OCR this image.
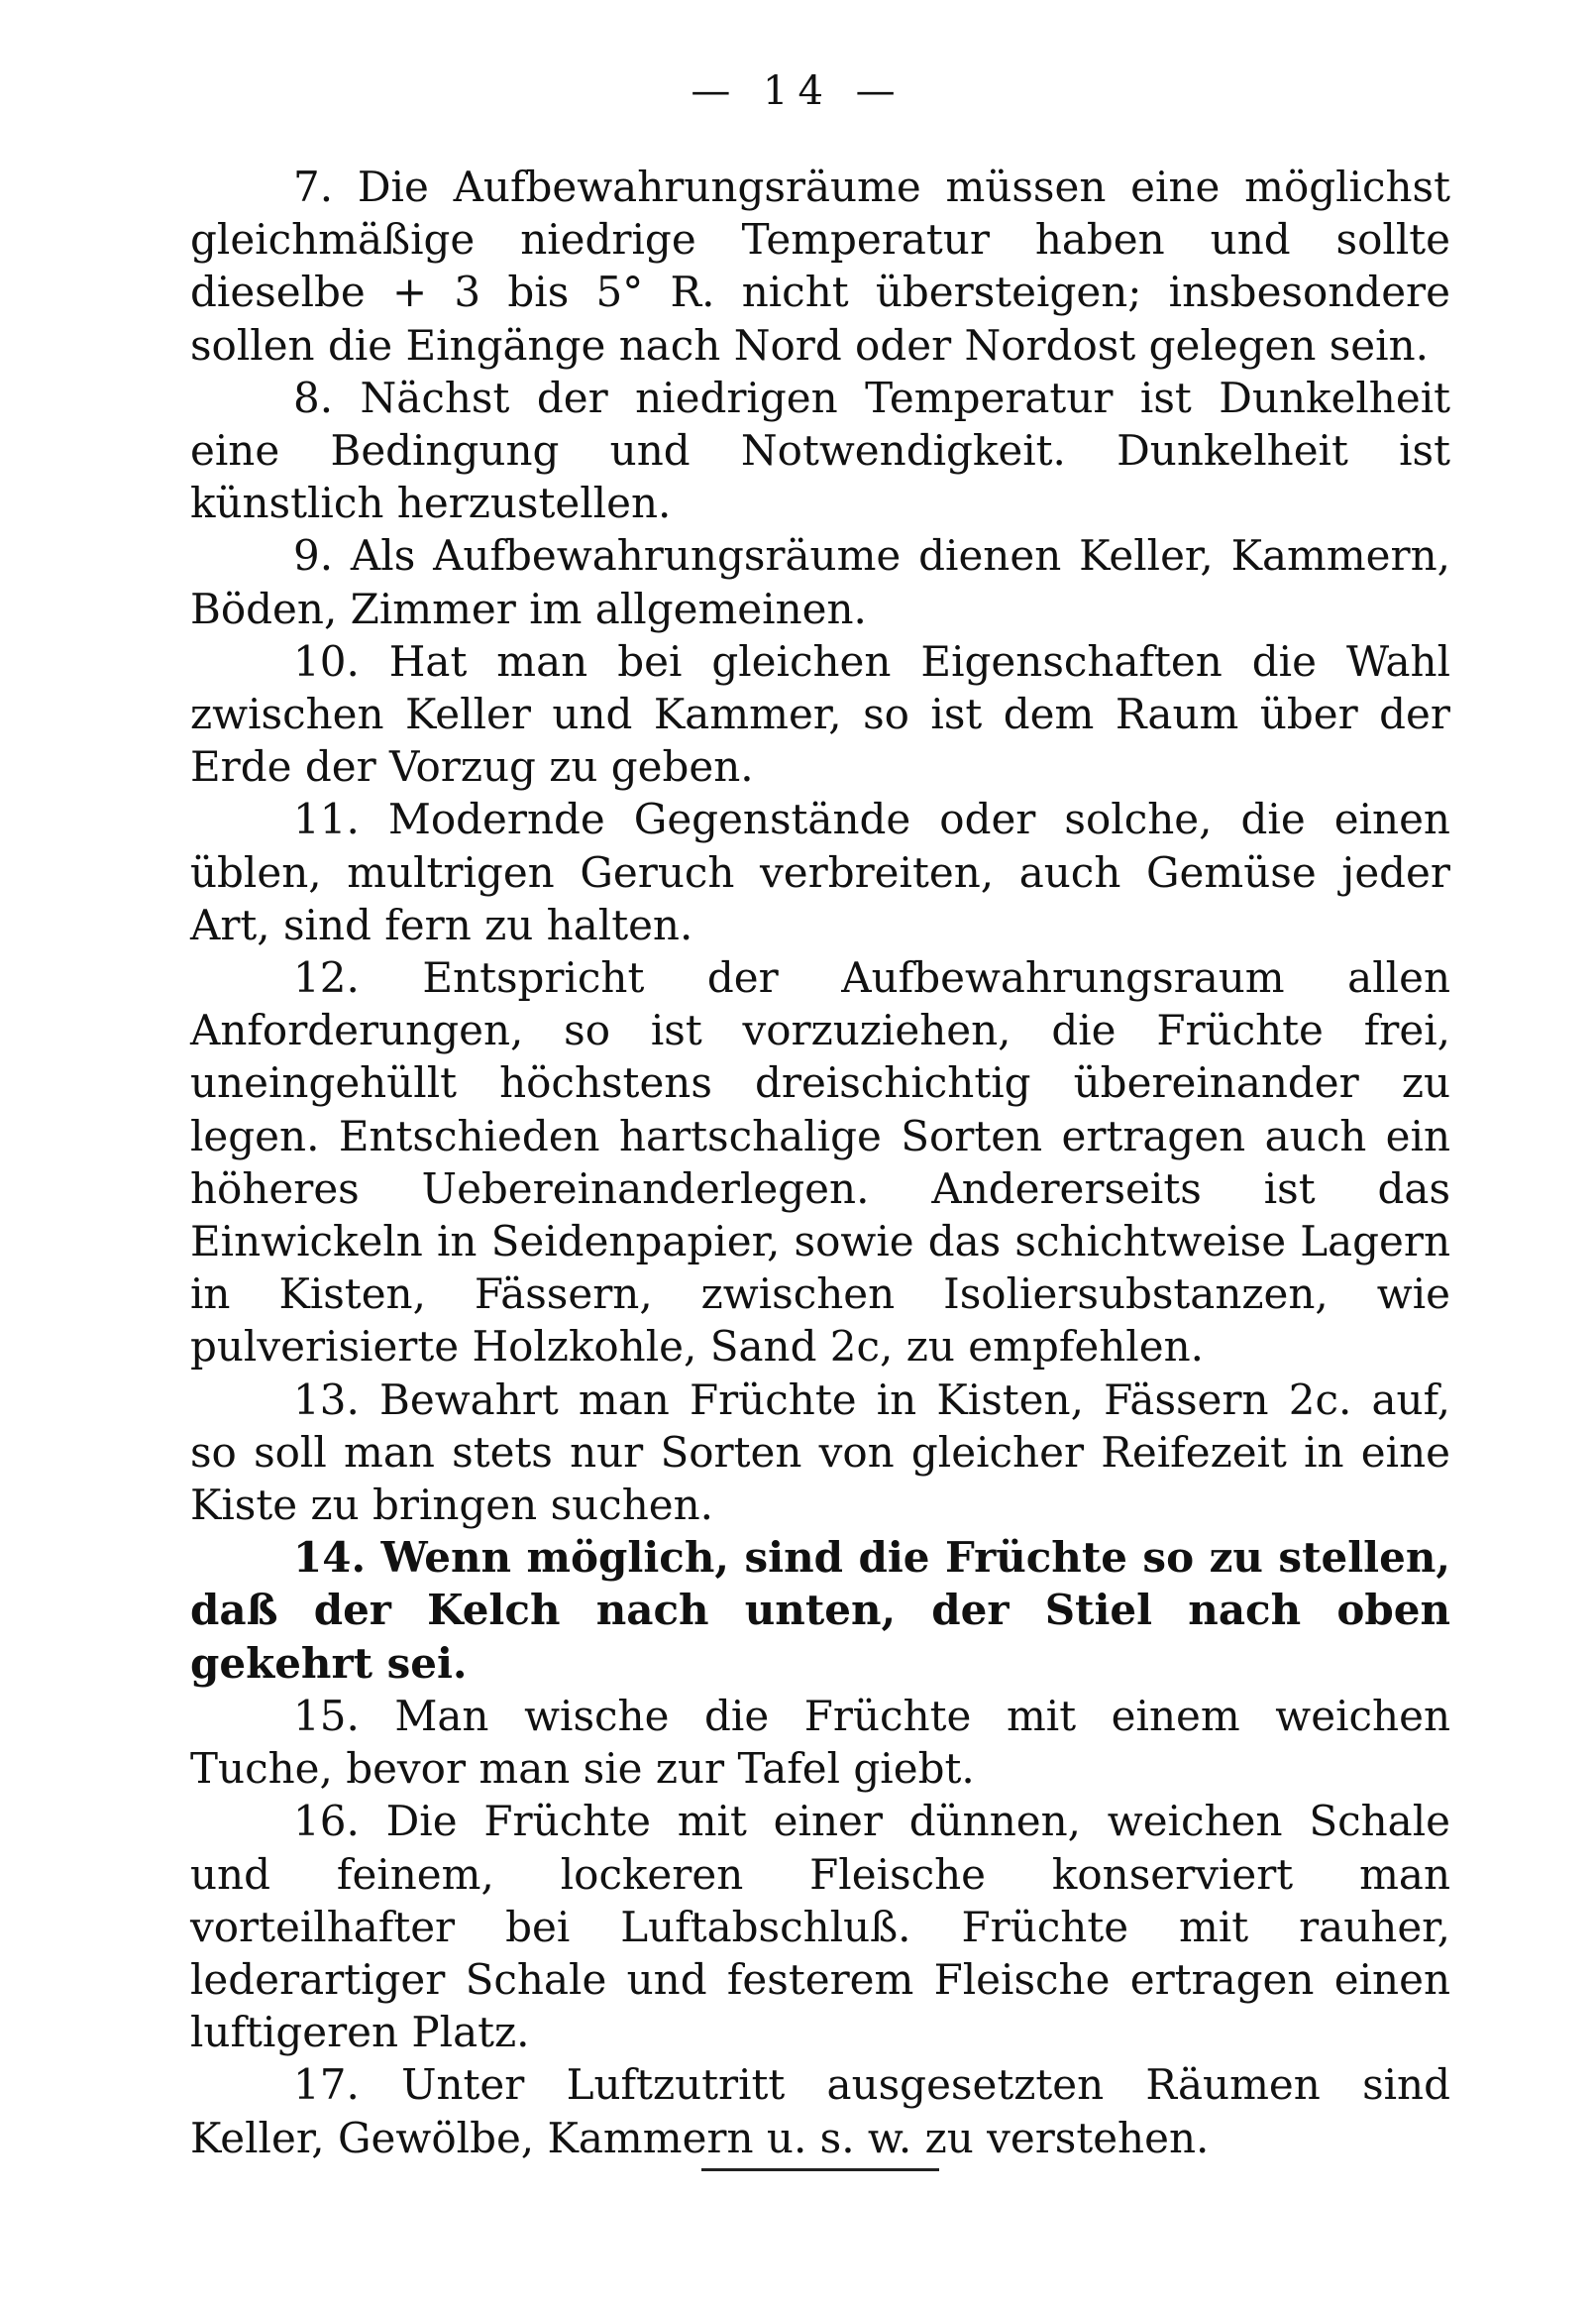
— 14 —

7. Die Aufbewahrungsräume müssen eine möglichst gleichmäßige niedrige Temperatur haben und sollte dieselbe + 3 bis 5° R. nicht übersteigen; insbesondere sollen die Eingänge nach Nord oder Nordost gelegen sein.

8. Nächst der niedrigen Temperatur ist Dunkelheit eine Bedingung und Notwendigkeit. Dunkelheit ist künstlich herzustellen.

9. Als Aufbewahrungsräume dienen Keller, Kammern, Böden, Zimmer im allgemeinen.

10. Hat man bei gleichen Eigenschaften die Wahl zwischen Keller und Kammer, so ist dem Raum über der Erde der Vorzug zu geben.

11. Modernde Gegenstände oder solche, die einen üblen, multrigen Geruch verbreiten, auch Gemüse jeder Art, sind fern zu halten.

12. Entspricht der Aufbewahrungsraum allen Anforderungen, so ist vorzuziehen, die Früchte frei, uneingehüllt höchstens dreischichtig übereinander zu legen. Entschieden hartschalige Sorten ertragen auch ein höheres Uebereinanderlegen. Andererseits ist das Einwickeln in Seidenpapier, sowie das schichtweise Lagern in Kisten, Fässern, zwischen Isoliersubstanzen, wie pulverisierte Holzkohle, Sand 2c, zu empfehlen.

13. Bewahrt man Früchte in Kisten, Fässern 2c. auf, so soll man stets nur Sorten von gleicher Reifezeit in eine Kiste zu bringen suchen.

14. Wenn möglich, sind die Früchte so zu stellen, daß der Kelch nach unten, der Stiel nach oben gekehrt sei.

15. Man wische die Früchte mit einem weichen Tuche, bevor man sie zur Tafel giebt.

16. Die Früchte mit einer dünnen, weichen Schale und feinem, lockeren Fleische konserviert man vorteilhafter bei Luftabschluß. Früchte mit rauher, lederartiger Schale und festerem Fleische ertragen einen luftigeren Platz.

17. Unter Luftzutritt ausgesetzten Räumen sind Keller, Gewölbe, Kammern u. s. w. zu verstehen.
